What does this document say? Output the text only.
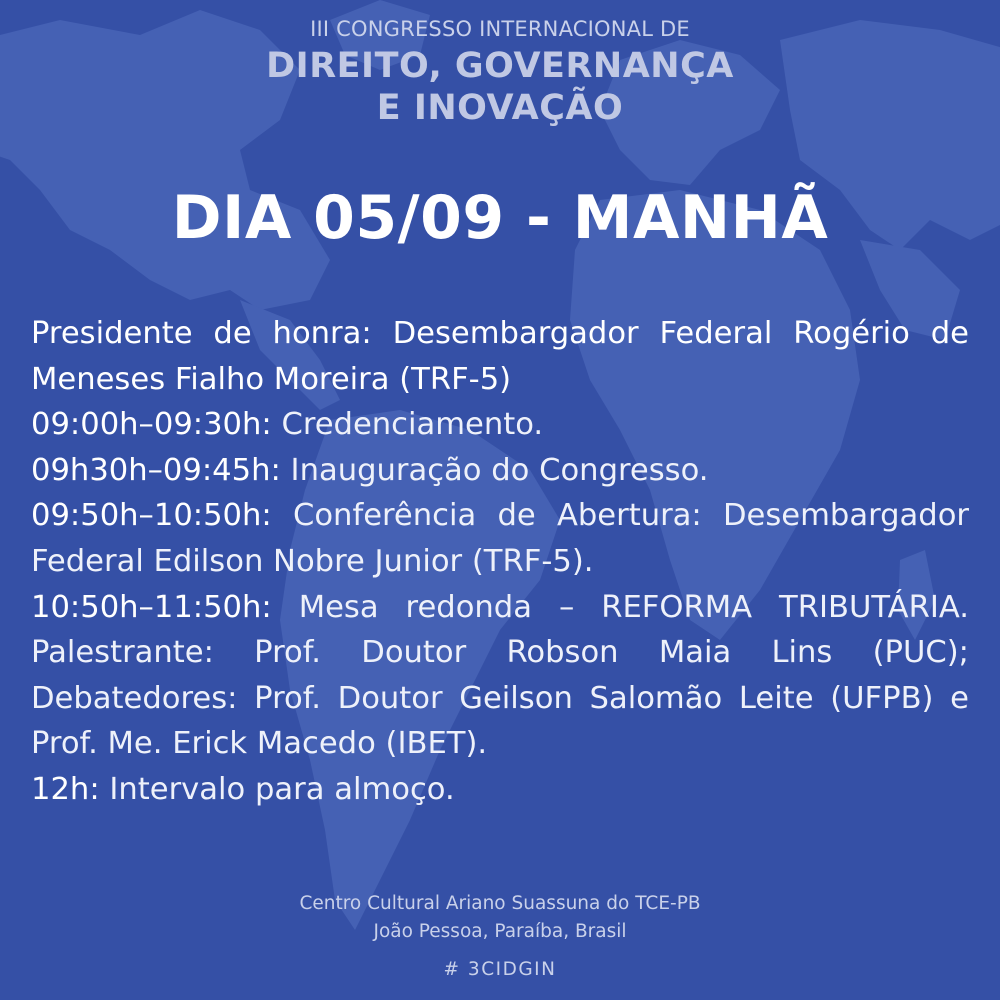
III CONGRESSO INTERNACIONAL DE
DIREITO, GOVERNANÇA
E INOVAÇÃO
DIA 05/09 - MANHÃ
Presidente de honra: Desembargador Federal Rogério de Meneses Fialho Moreira (TRF-5)
09:00h–09:30h: Credenciamento.
09h30h–09:45h: Inauguração do Congresso.
09:50h–10:50h: Conferência de Abertura: Desembargador Federal Edilson Nobre Junior (TRF-5).
10:50h–11:50h: Mesa redonda – REFORMA TRIBUTÁRIA. Palestrante: Prof. Doutor Robson Maia Lins (PUC); Debatedores: Prof. Doutor Geilson Salomão Leite (UFPB) e Prof. Me. Erick Macedo (IBET).
12h: Intervalo para almoço.
Centro Cultural Ariano Suassuna do TCE-PB
João Pessoa, Paraíba, Brasil
# 3CIDGIN
